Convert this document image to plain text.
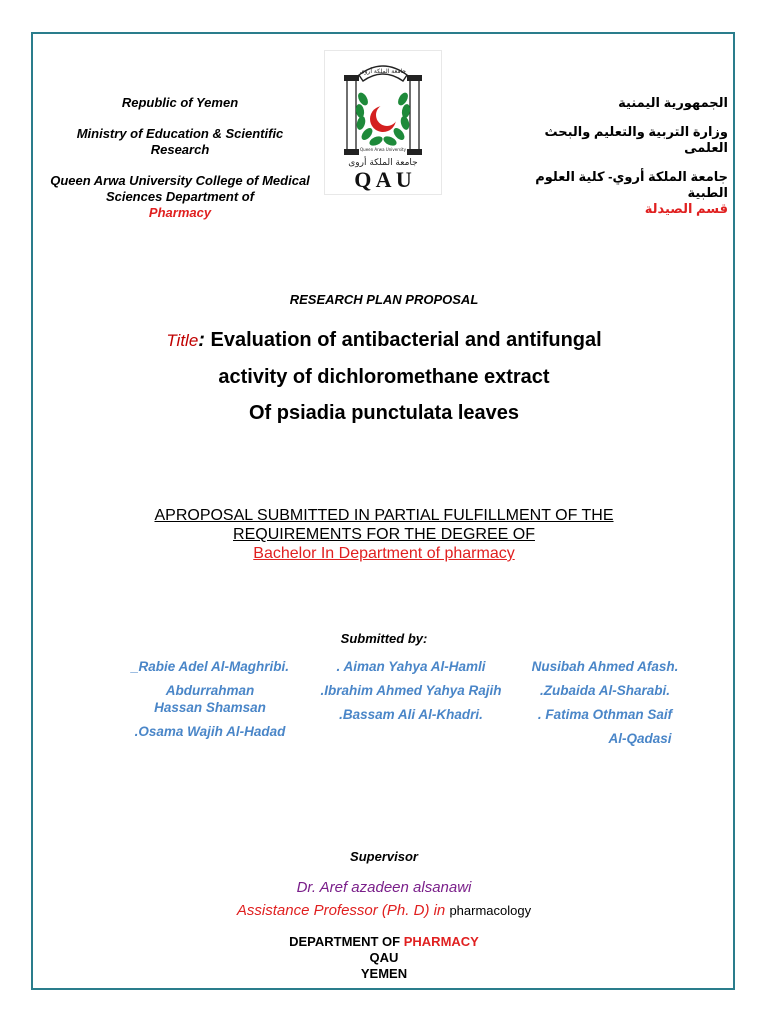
Republic of Yemen
Ministry of Education & Scientific Research
Queen Arwa University College of Medical Sciences Department of
Pharmacy
الجمهورية اليمنية
وزارة التربية والتعليم والبحث العلمى
جامعة الملكة أروي- كلية العلوم الطبية
قسم الصيدلة
جامعة الملكة أروى
Queen Arwa University
جامعة الملكة أروى
Q A U
RESEARCH PLAN PROPOSAL
Title: Evaluation of antibacterial and antifungal
activity of dichloromethane extract
Of psiadia punctulata leaves
APROPOSAL SUBMITTED IN PARTIAL FULFILLMENT OF THE
REQUIREMENTS FOR THE DEGREE OF
Bachelor In Department of pharmacy
Submitted by:
_Rabie Adel Al-Maghribi.
Abdurrahman Hassan Shamsan
.Osama Wajih Al-Hadad
. Aiman Yahya Al-Hamli
.Ibrahim Ahmed Yahya Rajih
.Bassam Ali Al-Khadri.
Nusibah Ahmed Afash.
.Zubaida Al-Sharabi.
. Fatima Othman Saif
Al-Qadasi
Supervisor
Dr. Aref azadeen alsanawi
Assistance Professor (Ph. D) in pharmacology
DEPARTMENT OF PHARMACY
QAU
YEMEN
